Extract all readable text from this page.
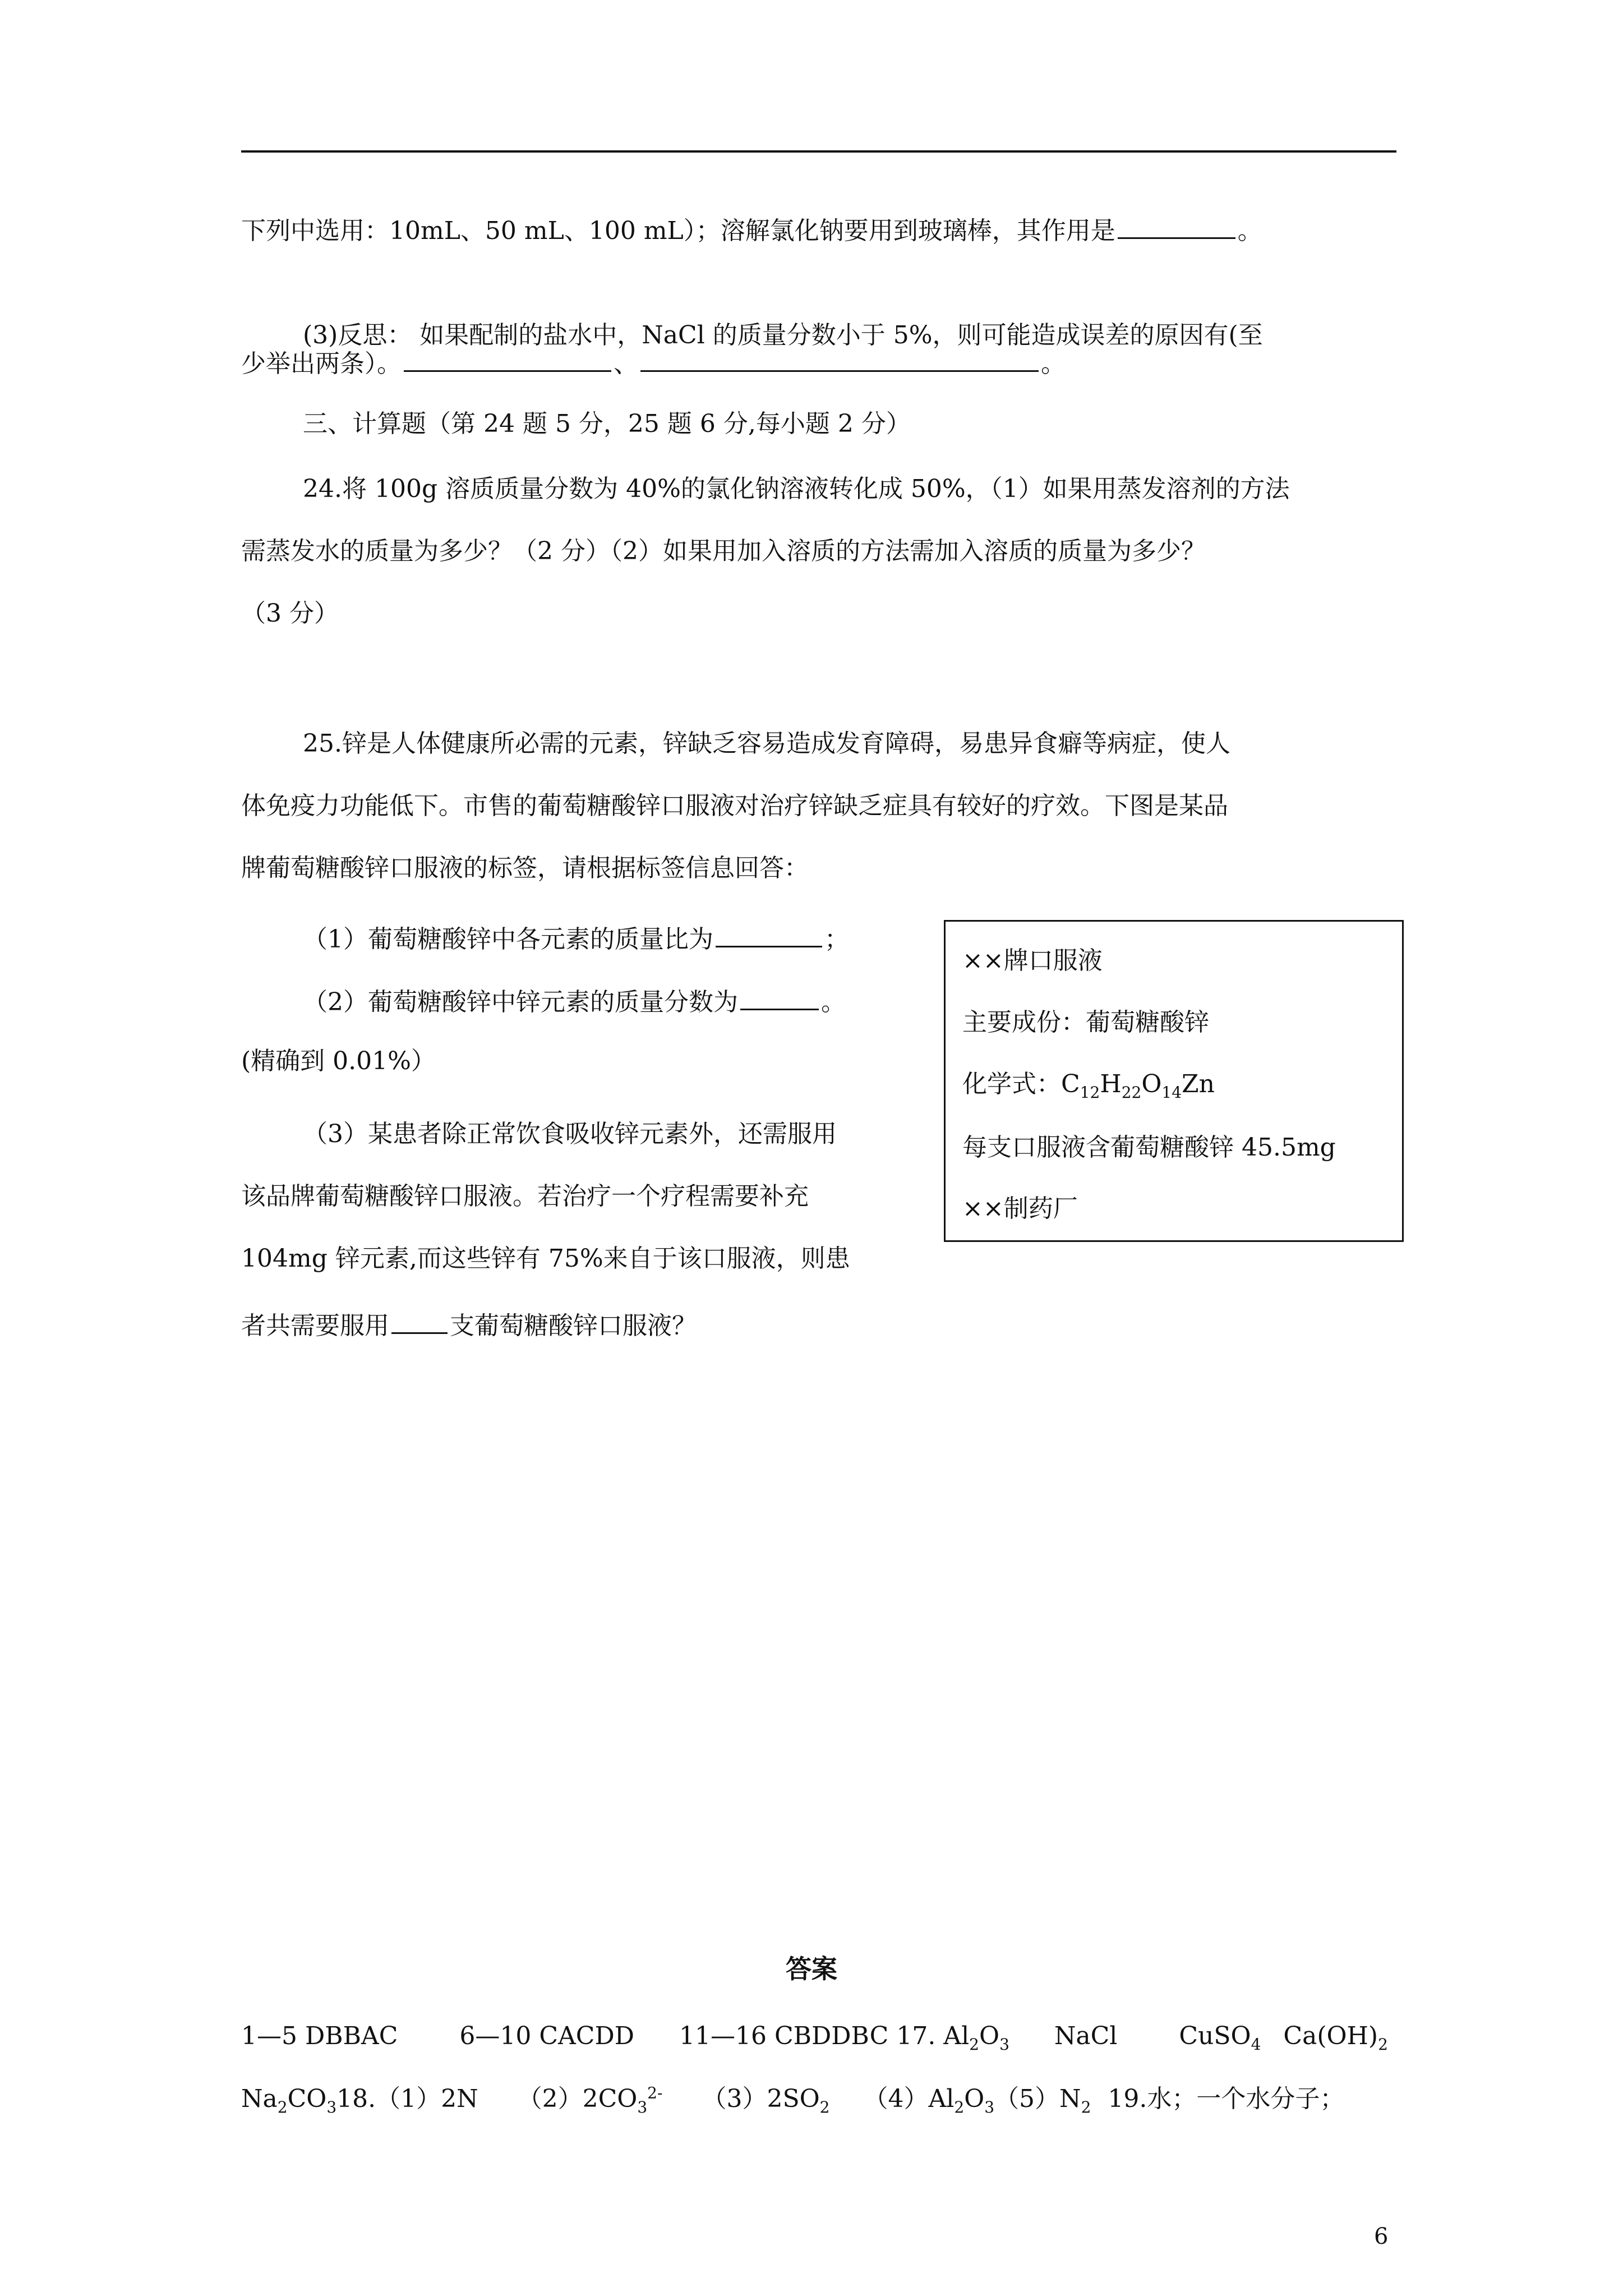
下列中选用：10mL、50 mL、100 mL）；溶解氯化钠要用到玻璃棒，其作用是	。
(3)反思： 如果配制的盐水中，NaCl 的质量分数小于 5%，则可能造成误差的原因有(至
少举出两条）。	、	。
三、计算题（第 24 题 5 分，25 题 6 分,每小题 2 分）
24.将 100g 溶质质量分数为 40%的氯化钠溶液转化成 50%，（1）如果用蒸发溶剂的方法
需蒸发水的质量为多少？（2 分）（2）如果用加入溶质的方法需加入溶质的质量为多少？
（3 分）
25.锌是人体健康所必需的元素，锌缺乏容易造成发育障碍，易患异食癖等病症，使人
体免疫力功能低下。市售的葡萄糖酸锌口服液对治疗锌缺乏症具有较好的疗效。下图是某品
牌葡萄糖酸锌口服液的标签，请根据标签信息回答：
（1）葡萄糖酸锌中各元素的质量比为	；
（2）葡萄糖酸锌中锌元素的质量分数为	。
(精确到 0.01%）
（3）某患者除正常饮食吸收锌元素外，还需服用
该品牌葡萄糖酸锌口服液。若治疗一个疗程需要补充
104mg 锌元素,而这些锌有 75%来自于该口服液，则患
者共需要服用 支葡萄糖酸锌口服液？
××牌口服液
主要成份：葡萄糖酸锌
化学式：$C_{12}H_{22}O_{14}Zn$
每支口服液含葡萄糖酸锌 45.5mg
××制药厂
答案
1—5 DBBAC	6—10 CACDD 11—16 CBDDBC 17. $Al_2O_3$ NaCl	CuSO$_4$ $Ca(OH)_2$
$Na_2CO_318.(1)2N$ $(2)2CO_3^{2-}$ $(3)2SO_2$ $(4)Al_2O_3(5)N_2$ 19.水；一个水分子；
6
